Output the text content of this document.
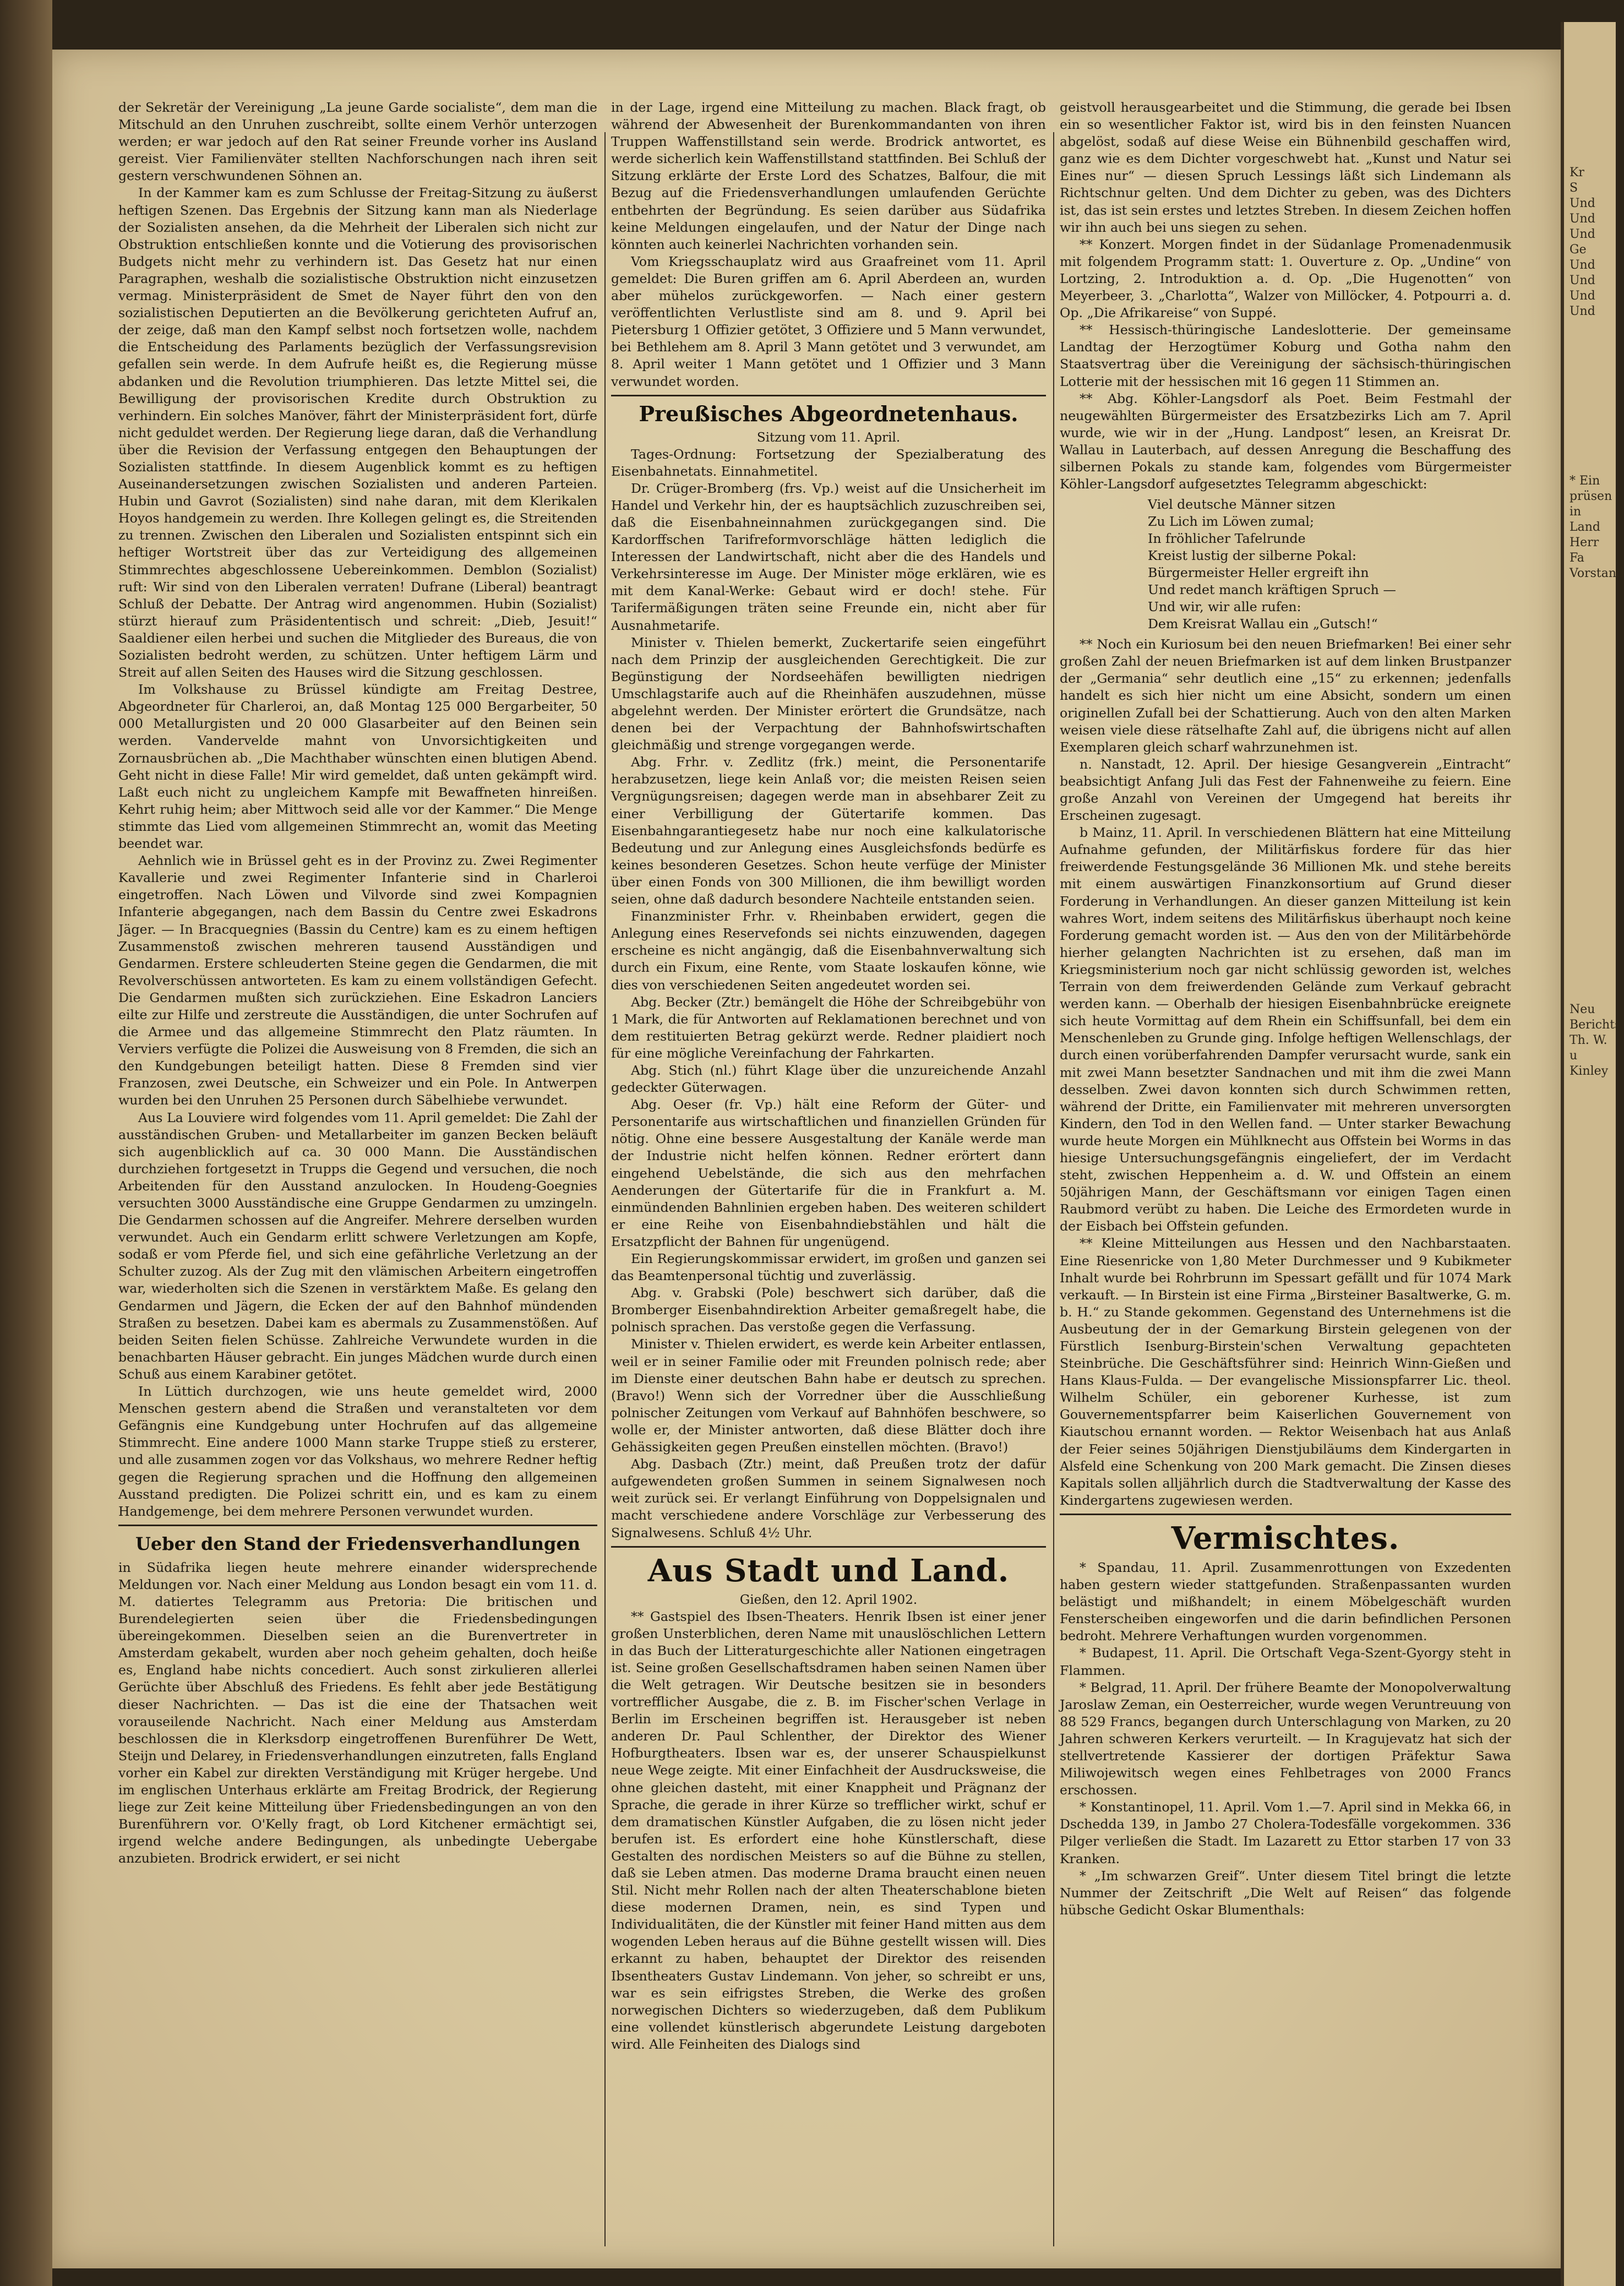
der Sekretär der Vereinigung „La jeune Garde socialiste“, dem man die Mitschuld an den Unruhen zuschreibt, sollte einem Verhör unterzogen werden; er war jedoch auf den Rat seiner Freunde vorher ins Ausland gereist. Vier Familienväter stellten Nachforschungen nach ihren seit gestern verschwundenen Söhnen an.

In der Kammer kam es zum Schlusse der Freitag-Sitzung zu äußerst heftigen Szenen. Das Ergebnis der Sitzung kann man als Niederlage der Sozialisten ansehen, da die Mehrheit der Liberalen sich nicht zur Obstruktion entschließen konnte und die Votierung des provisorischen Budgets nicht mehr zu verhindern ist. Das Gesetz hat nur einen Paragraphen, weshalb die sozialistische Obstruktion nicht einzusetzen vermag. Ministerpräsident de Smet de Nayer führt den von den sozialistischen Deputierten an die Bevölkerung gerichteten Aufruf an, der zeige, daß man den Kampf selbst noch fortsetzen wolle, nachdem die Entscheidung des Parlaments bezüglich der Verfassungsrevision gefallen sein werde. In dem Aufrufe heißt es, die Regierung müsse abdanken und die Revolution triumphieren. Das letzte Mittel sei, die Bewilligung der provisorischen Kredite durch Obstruktion zu verhindern. Ein solches Manöver, fährt der Ministerpräsident fort, dürfe nicht geduldet werden. Der Regierung liege daran, daß die Verhandlung über die Revision der Verfassung entgegen den Behauptungen der Sozialisten stattfinde. In diesem Augenblick kommt es zu heftigen Auseinandersetzungen zwischen Sozialisten und anderen Parteien. Hubin und Gavrot (Sozialisten) sind nahe daran, mit dem Klerikalen Hoyos handgemein zu werden. Ihre Kollegen gelingt es, die Streitenden zu trennen. Zwischen den Liberalen und Sozialisten entspinnt sich ein heftiger Wortstreit über das zur Verteidigung des allgemeinen Stimmrechtes abgeschlossene Uebereinkommen. Demblon (Sozialist) ruft: Wir sind von den Liberalen verraten! Dufrane (Liberal) beantragt Schluß der Debatte. Der Antrag wird angenommen. Hubin (Sozialist) stürzt hierauf zum Präsidententisch und schreit: „Dieb, Jesuit!“ Saaldiener eilen herbei und suchen die Mitglieder des Bureaus, die von Sozialisten bedroht werden, zu schützen. Unter heftigem Lärm und Streit auf allen Seiten des Hauses wird die Sitzung geschlossen.

Im Volkshause zu Brüssel kündigte am Freitag Destree, Abgeordneter für Charleroi, an, daß Montag 125 000 Bergarbeiter, 50 000 Metallurgisten und 20 000 Glasarbeiter auf den Beinen sein werden. Vandervelde mahnt von Unvorsichtigkeiten und Zornausbrüchen ab. „Die Machthaber wünschten einen blutigen Abend. Geht nicht in diese Falle! Mir wird gemeldet, daß unten gekämpft wird. Laßt euch nicht zu ungleichem Kampfe mit Bewaffneten hinreißen. Kehrt ruhig heim; aber Mittwoch seid alle vor der Kammer.“ Die Menge stimmte das Lied vom allgemeinen Stimmrecht an, womit das Meeting beendet war.

Aehnlich wie in Brüssel geht es in der Provinz zu. Zwei Regimenter Kavallerie und zwei Regimenter Infanterie sind in Charleroi eingetroffen. Nach Löwen und Vilvorde sind zwei Kompagnien Infanterie abgegangen, nach dem Bassin du Centre zwei Eskadrons Jäger. — In Bracquegnies (Bassin du Centre) kam es zu einem heftigen Zusammenstoß zwischen mehreren tausend Ausständigen und Gendarmen. Erstere schleuderten Steine gegen die Gendarmen, die mit Revolverschüssen antworteten. Es kam zu einem vollständigen Gefecht. Die Gendarmen mußten sich zurückziehen. Eine Eskadron Lanciers eilte zur Hilfe und zerstreute die Ausständigen, die unter Sochrufen auf die Armee und das allgemeine Stimmrecht den Platz räumten. In Verviers verfügte die Polizei die Ausweisung von 8 Fremden, die sich an den Kundgebungen beteiligt hatten. Diese 8 Fremden sind vier Franzosen, zwei Deutsche, ein Schweizer und ein Pole. In Antwerpen wurden bei den Unruhen 25 Personen durch Säbelhiebe verwundet.

Aus La Louviere wird folgendes vom 11. April gemeldet: Die Zahl der ausständischen Gruben- und Metallarbeiter im ganzen Becken beläuft sich augenblicklich auf ca. 30 000 Mann. Die Ausständischen durchziehen fortgesetzt in Trupps die Gegend und versuchen, die noch Arbeitenden für den Ausstand anzulocken. In Houdeng-Goegnies versuchten 3000 Ausständische eine Gruppe Gendarmen zu umzingeln. Die Gendarmen schossen auf die Angreifer. Mehrere derselben wurden verwundet. Auch ein Gendarm erlitt schwere Verletzungen am Kopfe, sodaß er vom Pferde fiel, und sich eine gefährliche Verletzung an der Schulter zuzog. Als der Zug mit den vlämischen Arbeitern eingetroffen war, wiederholten sich die Szenen in verstärktem Maße. Es gelang den Gendarmen und Jägern, die Ecken der auf den Bahnhof mündenden Straßen zu besetzen. Dabei kam es abermals zu Zusammenstößen. Auf beiden Seiten fielen Schüsse. Zahlreiche Verwundete wurden in die benachbarten Häuser gebracht. Ein junges Mädchen wurde durch einen Schuß aus einem Karabiner getötet.

In Lüttich durchzogen, wie uns heute gemeldet wird, 2000 Menschen gestern abend die Straßen und veranstalteten vor dem Gefängnis eine Kundgebung unter Hochrufen auf das allgemeine Stimmrecht. Eine andere 1000 Mann starke Truppe stieß zu ersterer, und alle zusammen zogen vor das Volkshaus, wo mehrere Redner heftig gegen die Regierung sprachen und die Hoffnung den allgemeinen Ausstand predigten. Die Polizei schritt ein, und es kam zu einem Handgemenge, bei dem mehrere Personen verwundet wurden.

Ueber den Stand der Friedensverhandlungen

in Südafrika liegen heute mehrere einander widersprechende Meldungen vor. Nach einer Meldung aus London besagt ein vom 11. d. M. datiertes Telegramm aus Pretoria: Die britischen und Burendelegierten seien über die Friedensbedingungen übereingekommen. Dieselben seien an die Burenvertreter in Amsterdam gekabelt, wurden aber noch geheim gehalten, doch heiße es, England habe nichts concediert. Auch sonst zirkulieren allerlei Gerüchte über Abschluß des Friedens. Es fehlt aber jede Bestätigung dieser Nachrichten. — Das ist die eine der Thatsachen weit vorauseilende Nachricht. Nach einer Meldung aus Amsterdam beschlossen die in Klerksdorp eingetroffenen Burenführer De Wett, Steijn und Delarey, in Friedensverhandlungen einzutreten, falls England vorher ein Kabel zur direkten Verständigung mit Krüger hergebe. Und im englischen Unterhaus erklärte am Freitag Brodrick, der Regierung liege zur Zeit keine Mitteilung über Friedensbedingungen an von den Burenführern vor. O'Kelly fragt, ob Lord Kitchener ermächtigt sei, irgend welche andere Bedingungen, als unbedingte Uebergabe anzubieten. Brodrick erwidert, er sei nicht

in der Lage, irgend eine Mitteilung zu machen. Black fragt, ob während der Abwesenheit der Burenkommandanten von ihren Truppen Waffenstillstand sein werde. Brodrick antwortet, es werde sicherlich kein Waffenstillstand stattfinden. Bei Schluß der Sitzung erklärte der Erste Lord des Schatzes, Balfour, die mit Bezug auf die Friedensverhandlungen umlaufenden Gerüchte entbehrten der Begründung. Es seien darüber aus Südafrika keine Meldungen eingelaufen, und der Natur der Dinge nach könnten auch keinerlei Nachrichten vorhanden sein.

Vom Kriegsschauplatz wird aus Graafreinet vom 11. April gemeldet: Die Buren griffen am 6. April Aberdeen an, wurden aber mühelos zurückgeworfen. — Nach einer gestern veröffentlichten Verlustliste sind am 8. und 9. April bei Pietersburg 1 Offizier getötet, 3 Offiziere und 5 Mann verwundet, bei Bethlehem am 8. April 3 Mann getötet und 3 verwundet, am 8. April weiter 1 Mann getötet und 1 Offizier und 3 Mann verwundet worden.

Preußisches Abgeordnetenhaus.
Sitzung vom 11. April.

Tages-Ordnung: Fortsetzung der Spezialberatung des Eisenbahnetats. Einnahmetitel.

Dr. Crüger-Bromberg (frs. Vp.) weist auf die Unsicherheit im Handel und Verkehr hin, der es hauptsächlich zuzuschreiben sei, daß die Eisenbahneinnahmen zurückgegangen sind. Die Kardorffschen Tarifreformvorschläge hätten lediglich die Interessen der Landwirtschaft, nicht aber die des Handels und Verkehrsinteresse im Auge. Der Minister möge erklären, wie es mit dem Kanal-Werke: Gebaut wird er doch! stehe. Für Tarifermäßigungen träten seine Freunde ein, nicht aber für Ausnahmetarife.

Minister v. Thielen bemerkt, Zuckertarife seien eingeführt nach dem Prinzip der ausgleichenden Gerechtigkeit. Die zur Begünstigung der Nordseehäfen bewilligten niedrigen Umschlagstarife auch auf die Rheinhäfen auszudehnen, müsse abgelehnt werden. Der Minister erörtert die Grundsätze, nach denen bei der Verpachtung der Bahnhofswirtschaften gleichmäßig und strenge vorgegangen werde.

Abg. Frhr. v. Zedlitz (frk.) meint, die Personentarife herabzusetzen, liege kein Anlaß vor; die meisten Reisen seien Vergnügungsreisen; dagegen werde man in absehbarer Zeit zu einer Verbilligung der Gütertarife kommen. Das Eisenbahngarantiegesetz habe nur noch eine kalkulatorische Bedeutung und zur Anlegung eines Ausgleichsfonds bedürfe es keines besonderen Gesetzes. Schon heute verfüge der Minister über einen Fonds von 300 Millionen, die ihm bewilligt worden seien, ohne daß dadurch besondere Nachteile entstanden seien.

Finanzminister Frhr. v. Rheinbaben erwidert, gegen die Anlegung eines Reservefonds sei nichts einzuwenden, dagegen erscheine es nicht angängig, daß die Eisenbahnverwaltung sich durch ein Fixum, eine Rente, vom Staate loskaufen könne, wie dies von verschiedenen Seiten angedeutet worden sei.

Abg. Becker (Ztr.) bemängelt die Höhe der Schreibgebühr von 1 Mark, die für Antworten auf Reklamationen berechnet und von dem restituierten Betrag gekürzt werde. Redner plaidiert noch für eine mögliche Vereinfachung der Fahrkarten.

Abg. Stich (nl.) führt Klage über die unzureichende Anzahl gedeckter Güterwagen.

Abg. Oeser (fr. Vp.) hält eine Reform der Güter- und Personentarife aus wirtschaftlichen und finanziellen Gründen für nötig. Ohne eine bessere Ausgestaltung der Kanäle werde man der Industrie nicht helfen können. Redner erörtert dann eingehend Uebelstände, die sich aus den mehrfachen Aenderungen der Gütertarife für die in Frankfurt a. M. einmündenden Bahnlinien ergeben haben. Des weiteren schildert er eine Reihe von Eisenbahndiebstählen und hält die Ersatzpflicht der Bahnen für ungenügend.

Ein Regierungskommissar erwidert, im großen und ganzen sei das Beamtenpersonal tüchtig und zuverlässig.

Abg. v. Grabski (Pole) beschwert sich darüber, daß die Bromberger Eisenbahndirektion Arbeiter gemaßregelt habe, die polnisch sprachen. Das verstoße gegen die Verfassung.

Minister v. Thielen erwidert, es werde kein Arbeiter entlassen, weil er in seiner Familie oder mit Freunden polnisch rede; aber im Dienste einer deutschen Bahn habe er deutsch zu sprechen. (Bravo!) Wenn sich der Vorredner über die Ausschließung polnischer Zeitungen vom Verkauf auf Bahnhöfen beschwere, so wolle er, der Minister antworten, daß diese Blätter doch ihre Gehässigkeiten gegen Preußen einstellen möchten. (Bravo!)

Abg. Dasbach (Ztr.) meint, daß Preußen trotz der dafür aufgewendeten großen Summen in seinem Signalwesen noch weit zurück sei. Er verlangt Einführung von Doppelsignalen und macht verschiedene andere Vorschläge zur Verbesserung des Signalwesens. Schluß 4½ Uhr.

Aus Stadt und Land.
Gießen, den 12. April 1902.

** Gastspiel des Ibsen-Theaters. Henrik Ibsen ist einer jener großen Unsterblichen, deren Name mit unauslöschlichen Lettern in das Buch der Litteraturgeschichte aller Nationen eingetragen ist. Seine großen Gesellschaftsdramen haben seinen Namen über die Welt getragen. Wir Deutsche besitzen sie in besonders vortrefflicher Ausgabe, die z. B. im Fischer'schen Verlage in Berlin im Erscheinen begriffen ist. Herausgeber ist neben anderen Dr. Paul Schlenther, der Direktor des Wiener Hofburgtheaters. Ibsen war es, der unserer Schauspielkunst neue Wege zeigte. Mit einer Einfachheit der Ausdrucksweise, die ohne gleichen dasteht, mit einer Knappheit und Prägnanz der Sprache, die gerade in ihrer Kürze so trefflicher wirkt, schuf er dem dramatischen Künstler Aufgaben, die zu lösen nicht jeder berufen ist. Es erfordert eine hohe Künstlerschaft, diese Gestalten des nordischen Meisters so auf die Bühne zu stellen, daß sie Leben atmen. Das moderne Drama braucht einen neuen Stil. Nicht mehr Rollen nach der alten Theaterschablone bieten diese modernen Dramen, nein, es sind Typen und Individualitäten, die der Künstler mit feiner Hand mitten aus dem wogenden Leben heraus auf die Bühne gestellt wissen will. Dies erkannt zu haben, behauptet der Direktor des reisenden Ibsentheaters Gustav Lindemann. Von jeher, so schreibt er uns, war es sein eifrigstes Streben, die Werke des großen norwegischen Dichters so wiederzugeben, daß dem Publikum eine vollendet künstlerisch abgerundete Leistung dargeboten wird. Alle Feinheiten des Dialogs sind

geistvoll herausgearbeitet und die Stimmung, die gerade bei Ibsen ein so wesentlicher Faktor ist, wird bis in den feinsten Nuancen abgelöst, sodaß auf diese Weise ein Bühnenbild geschaffen wird, ganz wie es dem Dichter vorgeschwebt hat. „Kunst und Natur sei Eines nur“ — diesen Spruch Lessings läßt sich Lindemann als Richtschnur gelten. Und dem Dichter zu geben, was des Dichters ist, das ist sein erstes und letztes Streben. In diesem Zeichen hoffen wir ihn auch bei uns siegen zu sehen.

** Konzert. Morgen findet in der Südanlage Promenadenmusik mit folgendem Programm statt: 1. Ouverture z. Op. „Undine“ von Lortzing, 2. Introduktion a. d. Op. „Die Hugenotten“ von Meyerbeer, 3. „Charlotta“, Walzer von Millöcker, 4. Potpourri a. d. Op. „Die Afrikareise“ von Suppé.

** Hessisch-thüringische Landeslotterie. Der gemeinsame Landtag der Herzogtümer Koburg und Gotha nahm den Staatsvertrag über die Vereinigung der sächsisch-thüringischen Lotterie mit der hessischen mit 16 gegen 11 Stimmen an.

** Abg. Köhler-Langsdorf als Poet. Beim Festmahl der neugewählten Bürgermeister des Ersatzbezirks Lich am 7. April wurde, wie wir in der „Hung. Landpost“ lesen, an Kreisrat Dr. Wallau in Lauterbach, auf dessen Anregung die Beschaffung des silbernen Pokals zu stande kam, folgendes vom Bürgermeister Köhler-Langsdorf aufgesetztes Telegramm abgeschickt:

Viel deutsche Männer sitzen
Zu Lich im Löwen zumal;
In fröhlicher Tafelrunde
Kreist lustig der silberne Pokal:
Bürgermeister Heller ergreift ihn
Und redet manch kräftigen Spruch —
Und wir, wir alle rufen:
Dem Kreisrat Wallau ein „Gutsch!“

** Noch ein Kuriosum bei den neuen Briefmarken! Bei einer sehr großen Zahl der neuen Briefmarken ist auf dem linken Brustpanzer der „Germania“ sehr deutlich eine „15“ zu erkennen; jedenfalls handelt es sich hier nicht um eine Absicht, sondern um einen originellen Zufall bei der Schattierung. Auch von den alten Marken weisen viele diese rätselhafte Zahl auf, die übrigens nicht auf allen Exemplaren gleich scharf wahrzunehmen ist.

n. Nanstadt, 12. April. Der hiesige Gesangverein „Eintracht“ beabsichtigt Anfang Juli das Fest der Fahnenweihe zu feiern. Eine große Anzahl von Vereinen der Umgegend hat bereits ihr Erscheinen zugesagt.

b Mainz, 11. April. In verschiedenen Blättern hat eine Mitteilung Aufnahme gefunden, der Militärfiskus fordere für das hier freiwerdende Festungsgelände 36 Millionen Mk. und stehe bereits mit einem auswärtigen Finanzkonsortium auf Grund dieser Forderung in Verhandlungen. An dieser ganzen Mitteilung ist kein wahres Wort, indem seitens des Militärfiskus überhaupt noch keine Forderung gemacht worden ist. — Aus den von der Militärbehörde hierher gelangten Nachrichten ist zu ersehen, daß man im Kriegsministerium noch gar nicht schlüssig geworden ist, welches Terrain von dem freiwerdenden Gelände zum Verkauf gebracht werden kann. — Oberhalb der hiesigen Eisenbahnbrücke ereignete sich heute Vormittag auf dem Rhein ein Schiffsunfall, bei dem ein Menschenleben zu Grunde ging. Infolge heftigen Wellenschlags, der durch einen vorüberfahrenden Dampfer verursacht wurde, sank ein mit zwei Mann besetzter Sandnachen und mit ihm die zwei Mann desselben. Zwei davon konnten sich durch Schwimmen retten, während der Dritte, ein Familienvater mit mehreren unversorgten Kindern, den Tod in den Wellen fand. — Unter starker Bewachung wurde heute Morgen ein Mühlknecht aus Offstein bei Worms in das hiesige Untersuchungsgefängnis eingeliefert, der im Verdacht steht, zwischen Heppenheim a. d. W. und Offstein an einem 50jährigen Mann, der Geschäftsmann vor einigen Tagen einen Raubmord verübt zu haben. Die Leiche des Ermordeten wurde in der Eisbach bei Offstein gefunden.

** Kleine Mitteilungen aus Hessen und den Nachbarstaaten. Eine Riesenricke von 1,80 Meter Durchmesser und 9 Kubikmeter Inhalt wurde bei Rohrbrunn im Spessart gefällt und für 1074 Mark verkauft. — In Birstein ist eine Firma „Birsteiner Basaltwerke, G. m. b. H.“ zu Stande gekommen. Gegenstand des Unternehmens ist die Ausbeutung der in der Gemarkung Birstein gelegenen von der Fürstlich Isenburg-Birstein'schen Verwaltung gepachteten Steinbrüche. Die Geschäftsführer sind: Heinrich Winn-Gießen und Hans Klaus-Fulda. — Der evangelische Missionspfarrer Lic. theol. Wilhelm Schüler, ein geborener Kurhesse, ist zum Gouvernementspfarrer beim Kaiserlichen Gouvernement von Kiautschou ernannt worden. — Rektor Weisenbach hat aus Anlaß der Feier seines 50jährigen Dienstjubiläums dem Kindergarten in Alsfeld eine Schenkung von 200 Mark gemacht. Die Zinsen dieses Kapitals sollen alljährlich durch die Stadtverwaltung der Kasse des Kindergartens zugewiesen werden.

Vermischtes.

* Spandau, 11. April. Zusammenrottungen von Exzedenten haben gestern wieder stattgefunden. Straßenpassanten wurden belästigt und mißhandelt; in einem Möbelgeschäft wurden Fensterscheiben eingeworfen und die darin befindlichen Personen bedroht. Mehrere Verhaftungen wurden vorgenommen.

* Budapest, 11. April. Die Ortschaft Vega-Szent-Gyorgy steht in Flammen.

* Belgrad, 11. April. Der frühere Beamte der Monopolverwaltung Jaroslaw Zeman, ein Oesterreicher, wurde wegen Veruntreuung von 88 529 Francs, begangen durch Unterschlagung von Marken, zu 20 Jahren schweren Kerkers verurteilt. — In Kragujevatz hat sich der stellvertretende Kassierer der dortigen Präfektur Sawa Miliwojewitsch wegen eines Fehlbetrages von 2000 Francs erschossen.

* Konstantinopel, 11. April. Vom 1.—7. April sind in Mekka 66, in Dschedda 139, in Jambo 27 Cholera-Todesfälle vorgekommen. 336 Pilger verließen die Stadt. Im Lazarett zu Ettor starben 17 von 33 Kranken.

* „Im schwarzen Greif“. Unter diesem Titel bringt die letzte Nummer der Zeitschrift „Die Welt auf Reisen“ das folgende hübsche Gedicht Oskar Blumenthals:

Kr
S
Und
Und
Und
Ge
Und
Und
Und
Und
* Ein
prüsen
in Land
Herr Fa
Vorstand
Neu
Berichts
Th. W. u
Kinley
